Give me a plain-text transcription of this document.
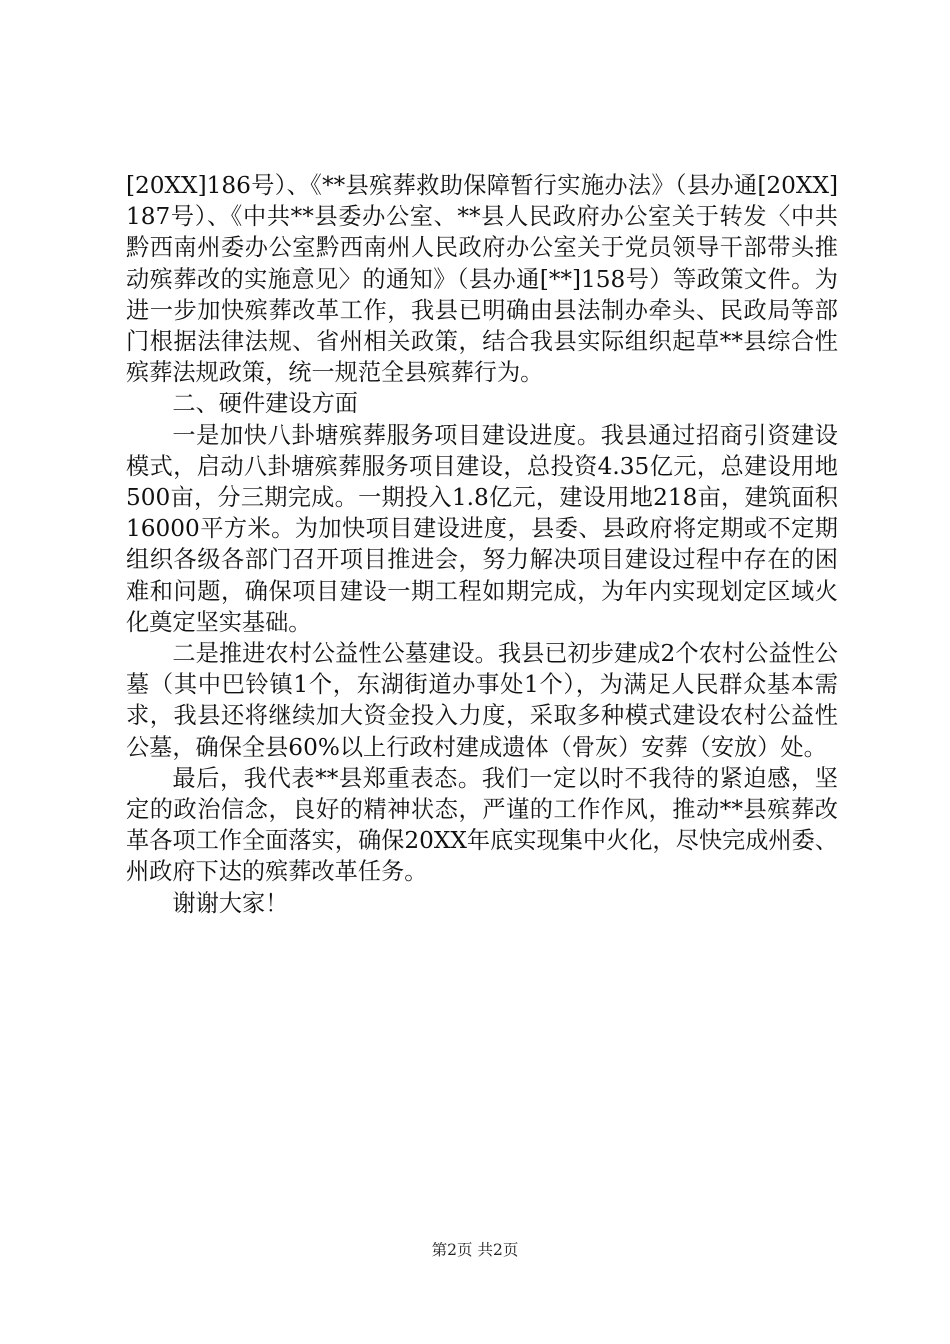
[20XX]186号）、《**县殡葬救助保障暂行实施办法》（县办通[20XX]187号）、《中共**县委办公室、**县人民政府办公室关于转发〈中共黔西南州委办公室黔西南州人民政府办公室关于党员领导干部带头推动殡葬改的实施意见〉的通知》（县办通[**]158号）等政策文件。为进一步加快殡葬改革工作，我县已明确由县法制办牵头、民政局等部门根据法律法规、省州相关政策，结合我县实际组织起草**县综合性殡葬法规政策，统一规范全县殡葬行为。

二、硬件建设方面

一是加快八卦塘殡葬服务项目建设进度。我县通过招商引资建设模式，启动八卦塘殡葬服务项目建设，总投资4.35亿元，总建设用地500亩，分三期完成。一期投入1.8亿元，建设用地218亩，建筑面积16000平方米。为加快项目建设进度，县委、县政府将定期或不定期组织各级各部门召开项目推进会，努力解决项目建设过程中存在的困难和问题，确保项目建设一期工程如期完成，为年内实现划定区域火化奠定坚实基础。

二是推进农村公益性公墓建设。我县已初步建成2个农村公益性公墓（其中巴铃镇1个，东湖街道办事处1个），为满足人民群众基本需求，我县还将继续加大资金投入力度，采取多种模式建设农村公益性公墓，确保全县60%以上行政村建成遗体（骨灰）安葬（安放）处。

最后，我代表**县郑重表态。我们一定以时不我待的紧迫感，坚定的政治信念，良好的精神状态，严谨的工作作风，推动**县殡葬改革各项工作全面落实，确保20XX年底实现集中火化，尽快完成州委、州政府下达的殡葬改革任务。

谢谢大家！

第2页 共2页
